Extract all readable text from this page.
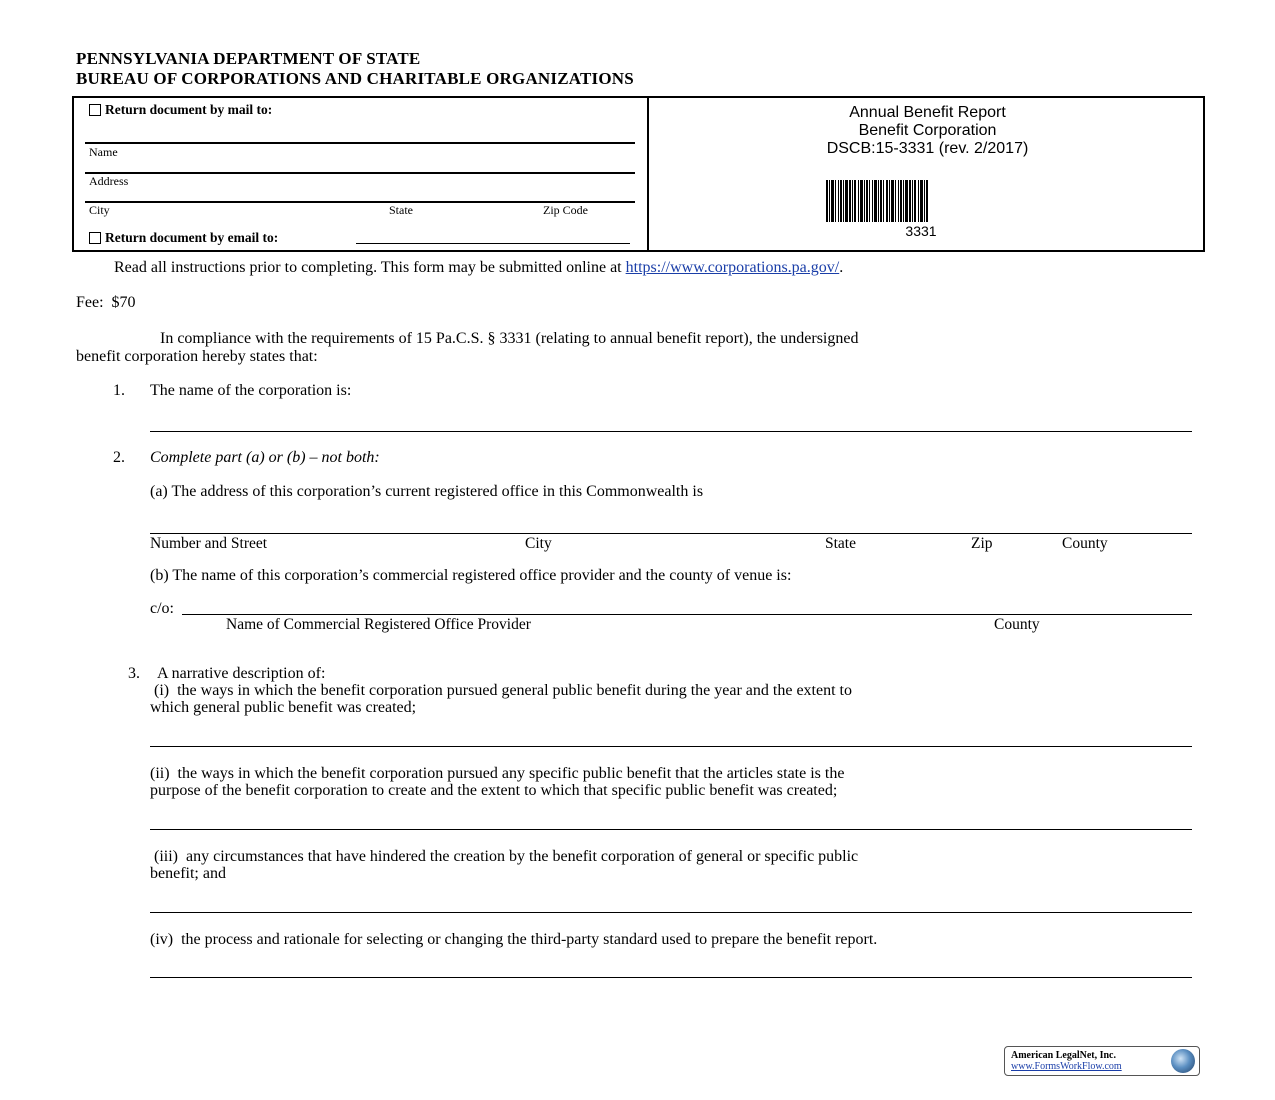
PENNSYLVANIA DEPARTMENT OF STATE
BUREAU OF CORPORATIONS AND CHARITABLE ORGANIZATIONS
Return document by mail to:
Name
Address
City	State	Zip Code
Return document by email to:
Annual Benefit Report
Benefit Corporation
DSCB:15-3331 (rev. 2/2017)
3331
Read all instructions prior to completing. This form may be submitted online at https://www.corporations.pa.gov/.
Fee:  $70
In compliance with the requirements of 15 Pa.C.S. § 3331 (relating to annual benefit report), the undersigned
benefit corporation hereby states that:
1. The name of the corporation is:
2. Complete part (a) or (b) – not both:
(a) The address of this corporation’s current registered office in this Commonwealth is
Number and Street	City	State	Zip	County
(b) The name of this corporation’s commercial registered office provider and the county of venue is:
c/o:
Name of Commercial Registered Office Provider	County
3. A narrative description of:
(i)  the ways in which the benefit corporation pursued general public benefit during the year and the extent to
which general public benefit was created;
(ii)  the ways in which the benefit corporation pursued any specific public benefit that the articles state is the
purpose of the benefit corporation to create and the extent to which that specific public benefit was created;
(iii)  any circumstances that have hindered the creation by the benefit corporation of general or specific public
benefit; and
(iv)  the process and rationale for selecting or changing the third-party standard used to prepare the benefit report.
American LegalNet, Inc.
www.FormsWorkFlow.com
